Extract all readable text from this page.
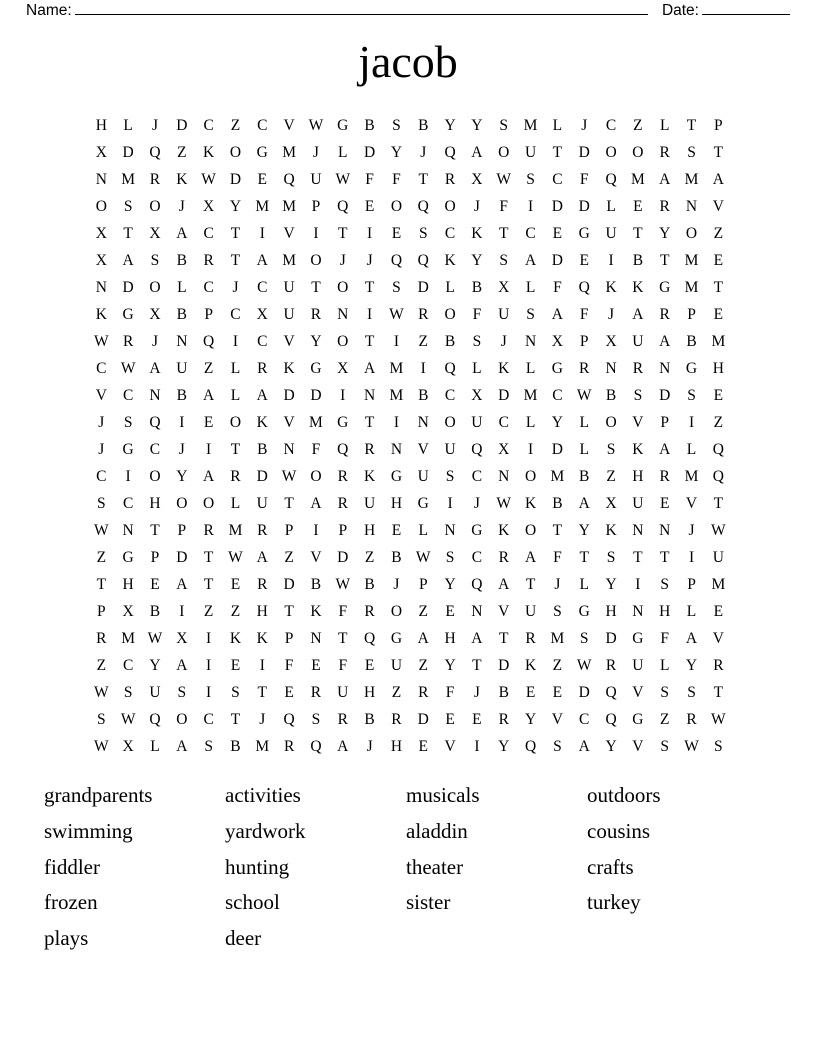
Name:	Date:
jacob
H	L	J	D	C	Z	C	V W G	B	S	B	Y Y	S M L	J	C	Z	L	T	P
X D Q	Z	K O G M	J	L	D Y	J	Q A O U	T	D O O	R	S	T
N M R	K W D	E	Q U W F	F	T	R	X W S	C	F	Q M A M A
O	S	O	J	X Y M M P	Q	E	O Q O	J	F	I	D D	L	E	R	N V
X	T	X A	C	T	I	V	I	T	I	E	S	C	K	T	C	E	G U	T	Y O	Z
X A	S	B	R	T	A M O	J	J	Q Q K Y	S	A D	E	I	B	T M E
N D O	L	C	J	C	U	T	O	T	S	D	L	B	X	L	F	Q K K G M T
K G X	B	P	C	X U	R	N	I	W R	O	F	U	S	A	F	J	A	R	P	E
W R	J	N Q	I	C	V Y O	T	I	Z	B	S	J	N X	P	X U A	B M
C W A U	Z	L	R	K G X A M	I	Q	L	K	L	G	R	N	R	N G H
V	C	N	B	A	L	A D D	I	N M B	C	X D M C W B	S	D	S	E
J	S	Q	I	E	O K V M G	T	I	N O U	C	L	Y	L	O V	P	I	Z
J	G	C	J	I	T	B	N	F	Q	R	N V U Q X	I	D	L	S	K A	L	Q
C	I	O Y A	R	D W O	R	K G U	S	C	N O M B	Z	H	R M Q
S	C	H O O	L	U	T	A	R	U H G	I	J	W K	B	A X U	E	V	T
W N	T	P	R M R	P	I	P	H	E	L	N G K O	T	Y K N N	J	W
Z	G	P	D	T W A	Z	V D	Z	B W S	C	R	A	F	T	S	T	T	I	U
T	H	E	A	T	E	R	D	B W B	J	P	Y Q A	T	J	L	Y	I	S	P M
P	X	B	I	Z	Z	H	T	K	F	R	O	Z	E	N V U	S	G H N H	L	E
R M W X	I	K K	P	N	T	Q G A H A	T	R M S	D G	F	A V
Z	C	Y A	I	E	I	F	E	F	E	U	Z	Y	T	D K	Z W R	U	L	Y	R
W S	U	S	I	S	T	E	R	U H	Z	R	F	J	B	E	E	D Q V	S	S	T
S W Q O	C	T	J	Q	S	R	B	R	D	E	E	R	Y V	C	Q G	Z	R W
W X	L	A	S	B M R	Q A	J	H	E	V	I	Y Q	S	A Y V	S W S
grandparents
swimming
fiddler
frozen
plays
activities
yardwork
hunting
school
deer
musicals
aladdin
theater
sister
outdoors
cousins
crafts
turkey
